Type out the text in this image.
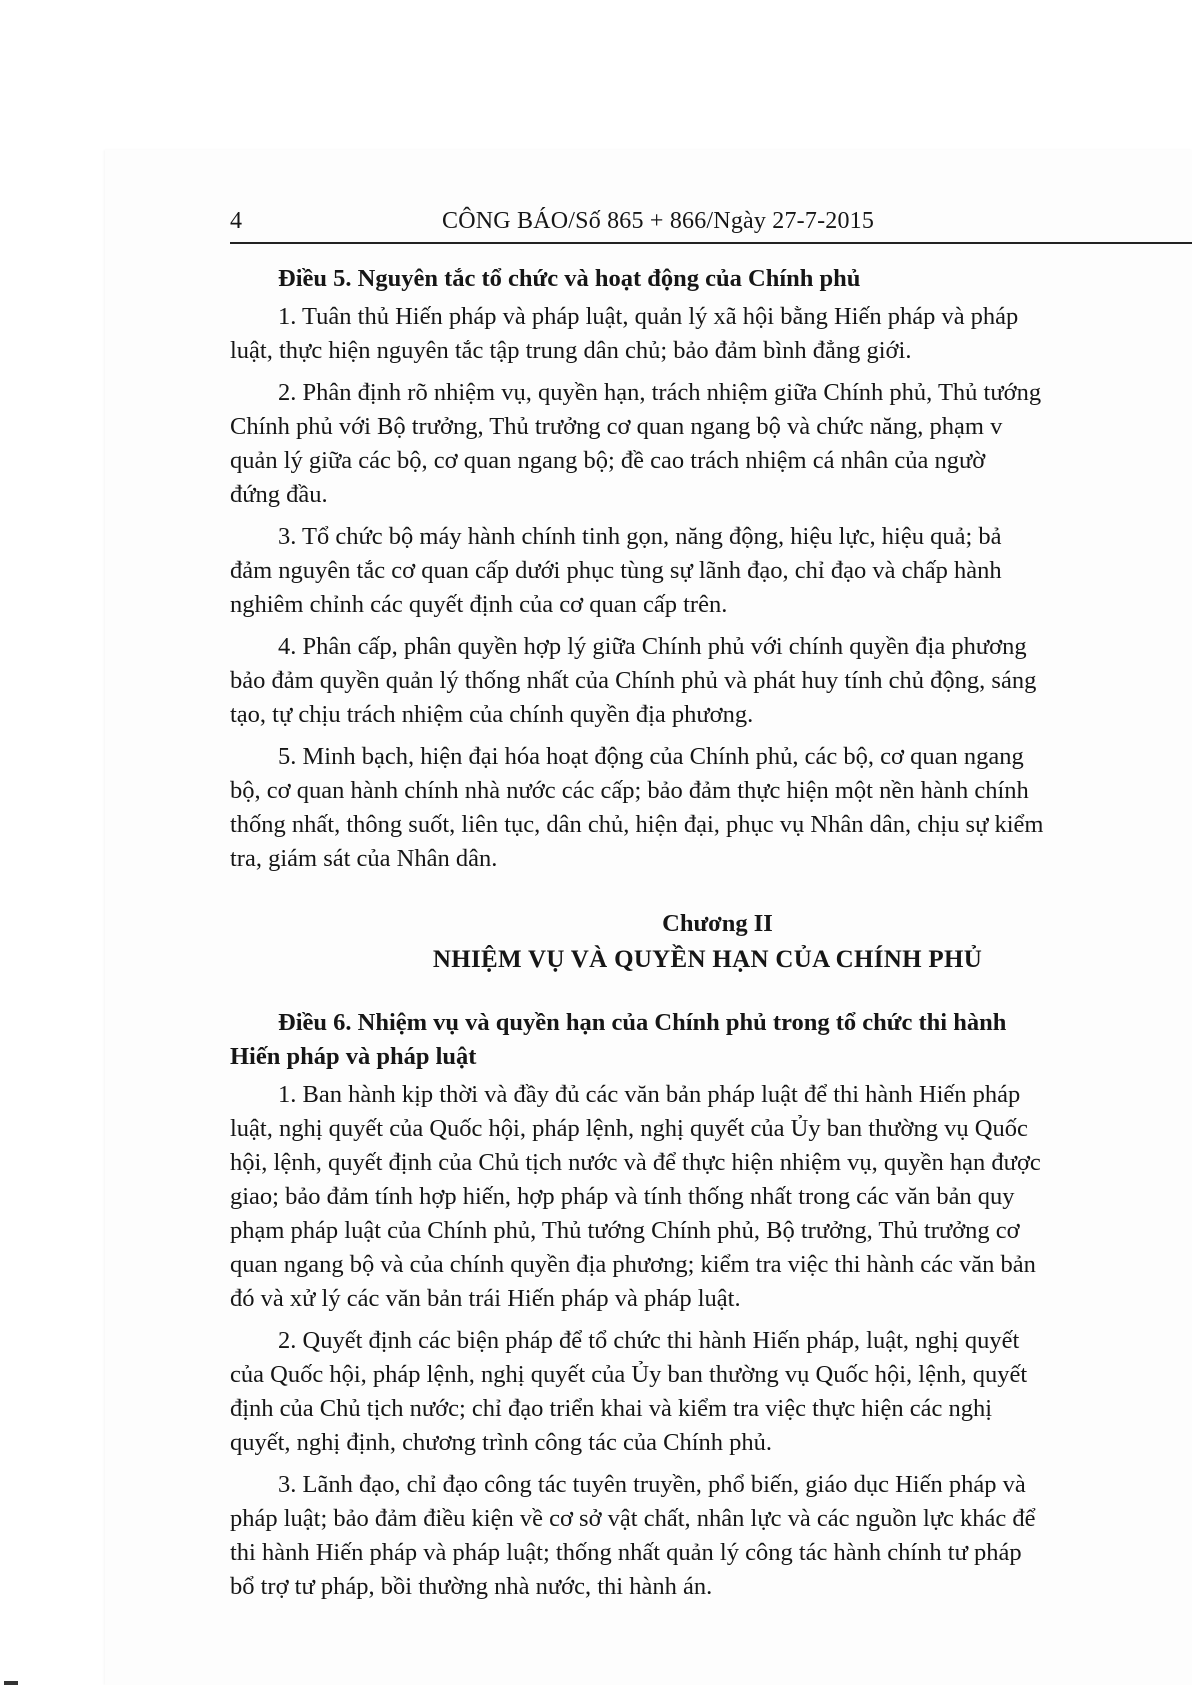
4	CÔNG BÁO/Số 865 + 866/Ngày 27-7-2015

Điều 5. Nguyên tắc tổ chức và hoạt động của Chính phủ

1. Tuân thủ Hiến pháp và pháp luật, quản lý xã hội bằng Hiến pháp và pháp
luật, thực hiện nguyên tắc tập trung dân chủ; bảo đảm bình đẳng giới.

2. Phân định rõ nhiệm vụ, quyền hạn, trách nhiệm giữa Chính phủ, Thủ tướng
Chính phủ với Bộ trưởng, Thủ trưởng cơ quan ngang bộ và chức năng, phạm v
quản lý giữa các bộ, cơ quan ngang bộ; đề cao trách nhiệm cá nhân của ngườ
đứng đầu.

3. Tổ chức bộ máy hành chính tinh gọn, năng động, hiệu lực, hiệu quả; bả
đảm nguyên tắc cơ quan cấp dưới phục tùng sự lãnh đạo, chỉ đạo và chấp hành
nghiêm chỉnh các quyết định của cơ quan cấp trên.

4. Phân cấp, phân quyền hợp lý giữa Chính phủ với chính quyền địa phương
bảo đảm quyền quản lý thống nhất của Chính phủ và phát huy tính chủ động, sáng
tạo, tự chịu trách nhiệm của chính quyền địa phương.

5. Minh bạch, hiện đại hóa hoạt động của Chính phủ, các bộ, cơ quan ngang
bộ, cơ quan hành chính nhà nước các cấp; bảo đảm thực hiện một nền hành chính
thống nhất, thông suốt, liên tục, dân chủ, hiện đại, phục vụ Nhân dân, chịu sự kiểm
tra, giám sát của Nhân dân.

Chương II
NHIỆM VỤ VÀ QUYỀN HẠN CỦA CHÍNH PHỦ

Điều 6. Nhiệm vụ và quyền hạn của Chính phủ trong tổ chức thi hành
Hiến pháp và pháp luật

1. Ban hành kịp thời và đầy đủ các văn bản pháp luật để thi hành Hiến pháp
luật, nghị quyết của Quốc hội, pháp lệnh, nghị quyết của Ủy ban thường vụ Quốc
hội, lệnh, quyết định của Chủ tịch nước và để thực hiện nhiệm vụ, quyền hạn được
giao; bảo đảm tính hợp hiến, hợp pháp và tính thống nhất trong các văn bản quy
phạm pháp luật của Chính phủ, Thủ tướng Chính phủ, Bộ trưởng, Thủ trưởng cơ
quan ngang bộ và của chính quyền địa phương; kiểm tra việc thi hành các văn bản
đó và xử lý các văn bản trái Hiến pháp và pháp luật.

2. Quyết định các biện pháp để tổ chức thi hành Hiến pháp, luật, nghị quyết
của Quốc hội, pháp lệnh, nghị quyết của Ủy ban thường vụ Quốc hội, lệnh, quyết
định của Chủ tịch nước; chỉ đạo triển khai và kiểm tra việc thực hiện các nghị
quyết, nghị định, chương trình công tác của Chính phủ.

3. Lãnh đạo, chỉ đạo công tác tuyên truyền, phổ biến, giáo dục Hiến pháp và
pháp luật; bảo đảm điều kiện về cơ sở vật chất, nhân lực và các nguồn lực khác để
thi hành Hiến pháp và pháp luật; thống nhất quản lý công tác hành chính tư pháp
bổ trợ tư pháp, bồi thường nhà nước, thi hành án.
